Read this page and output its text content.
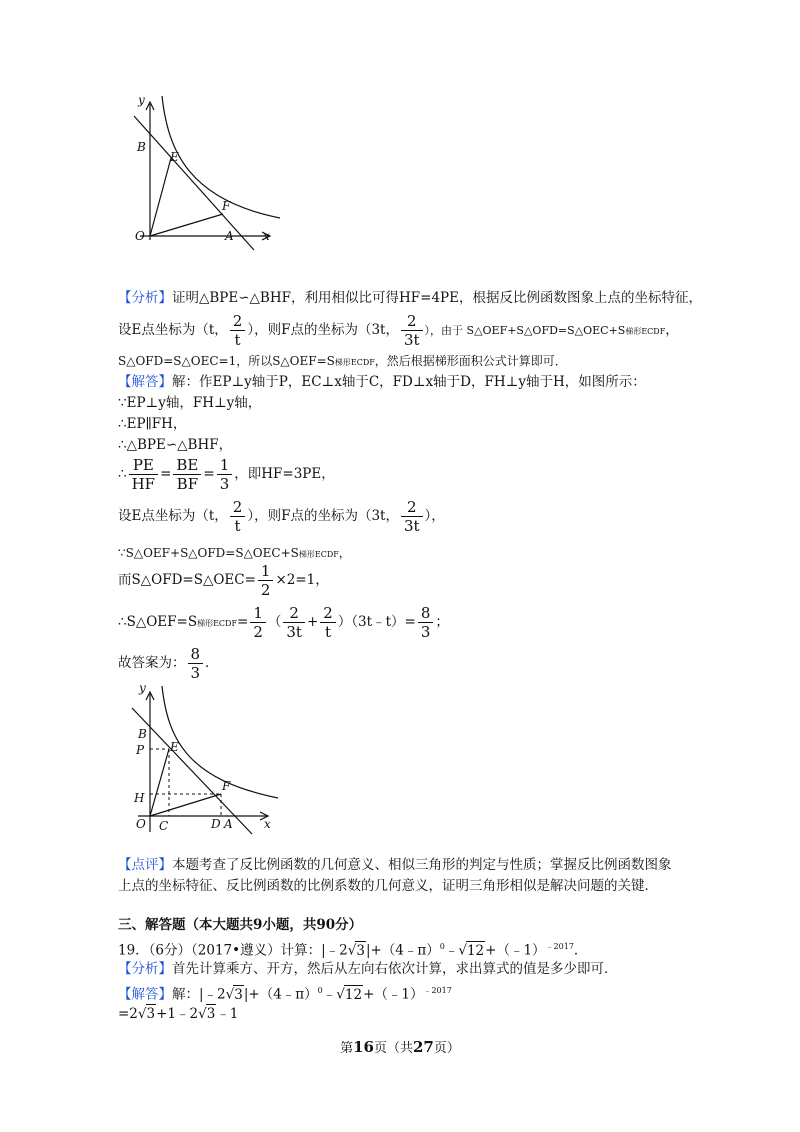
y
B
E
F
O	A x
【分析】证明△BPE∽△BHF，利用相似比可得HF=4PE，根据反比例函数图象上点的坐标特征，
设E点坐标为（t， $\frac{2}{t}$ ），则F点的坐标为（3t， $\frac{2}{3t}$ ），由于 S△OEF+S△OFD=S△OEC+S梯形ECDF，
S△OFD=S△OEC=1，所以S△OEF=S梯形ECDF，然后根据梯形面积公式计算即可．
【解答】解：作EP⊥y轴于P，EC⊥x轴于C，FD⊥x轴于D，FH⊥y轴于H，如图所示：
∵EP⊥y轴，FH⊥y轴，
∴EP∥FH，
∴△BPE∽△BHF，
∴ $\frac{PE}{HF} = \frac{BE}{BF} = \frac{1}{3}$ ，即HF=3PE，
设E点坐标为（t， $\frac{2}{t}$ ），则F点的坐标为（3t， $\frac{2}{3t}$ ），
∵S△OEF+S△OFD=S△OEC+S梯形ECDF，
而S△OFD=S△OEC= $\frac{1}{2} \times 2=1$，
∴S△OEF=S梯形ECDF= $\frac{1}{2}$ （ $\frac{2}{3t} + \frac{2}{t}$ ）（3t﹣t）= $\frac{8}{3}$ ；
故答案为： $\frac{8}{3}$ ．
y
B
P E
F
H
O C	D A	x
【点评】本题考查了反比例函数的几何意义、相似三角形的判定与性质；掌握反比例函数图象
上点的坐标特征、反比例函数的比例系数的几何意义，证明三角形相似是解决问题的关键．
三、解答题（本大题共9小题，共90分）
19．（6分）（2017•遵义）计算：|﹣2√3|+（4﹣π）$^0$﹣√12+（﹣1）$^{﹣2017}$．
【分析】首先计算乘方、开方，然后从左向右依次计算，求出算式的值是多少即可．
【解答】解：|﹣2√3|+（4﹣π）$^0$﹣√12+（﹣1）$^{﹣2017}$
=2√3+1﹣2√3﹣1
第16页（共27页）
